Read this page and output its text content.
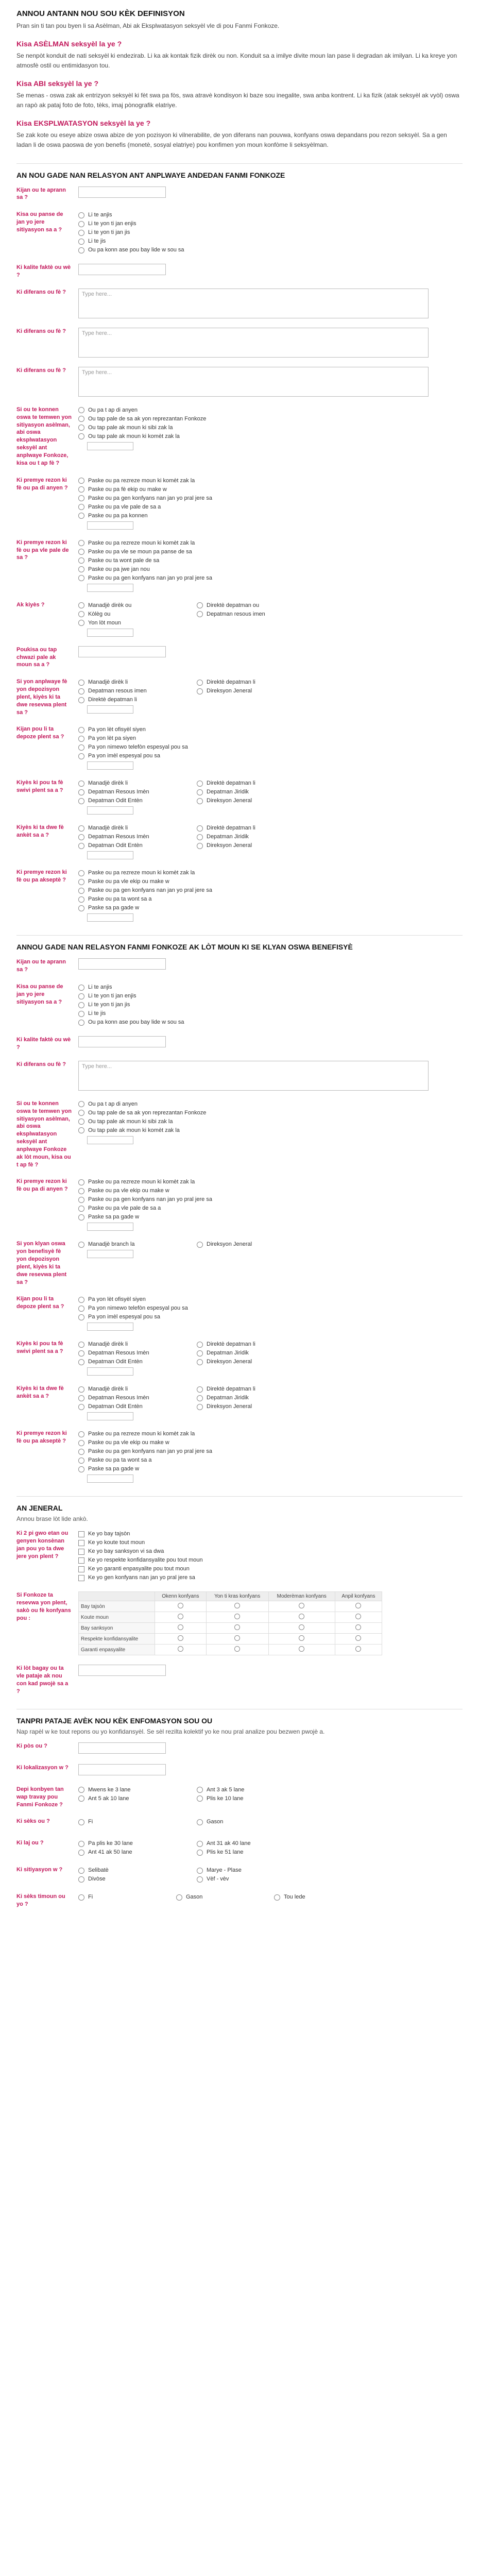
ANNOU ANTANN NOU SOU KÈK DEFINISYON
Pran sin ti tan pou byen li sa Asèlman, Abi ak Eksplwatasyon seksyèl vle di pou Fanmi Fonkoze.
Kisa ASÈLMAN seksyèl la ye ?
Se nenpòt konduit de nati seksyèl ki endezirab. Li ka ak kontak fizik dirèk ou non. Konduit sa a imilye divite moun lan pase li degradan ak imilyan. Li ka kreye yon atmosfè ostil ou entimidasyon tou.
Kisa ABI seksyèl la ye ?
Se menas - oswa zak ak entrizyon seksyèl ki fèt swa pa fòs, swa atravè kondisyon ki baze sou inegalite, swa anba kontrent. Li ka fizik (atak seksyèl ak vyòl) oswa an rapò ak pataj foto de foto, tèks, imaj pònografik elatriye.
Kisa EKSPLWATASYON seksyèl la ye ?
Se zak kote ou eseye abize oswa abize de yon pozisyon ki vilnerabilite, de yon diferans nan pouvwa, konfyans oswa depandans pou rezon seksyèl. Sa a gen ladan li de oswa paoswa de yon benefis (monetè, sosyal elatriye) pou konfimen yon moun konfòme li seksyèlman.
AN NOU GADE NAN RELASYON ANT ANPLWAYE ANDEDAN FANMI FONKOZE
Kijan ou te aprann sa ?
Kisa ou panse de jan yo jere sitiyasyon sa a ?
Li te anjis
Li te yon ti jan enjis
Li te yon ti jan jis
Li te jis
Ou pa konn ase pou bay lide w sou sa
Ki kalite faktè ou wè ?
Ki diferans ou fè ?	Type here...
Ki diferans ou fè ?	Type here...
Ki diferans ou fè ?	Type here...
Si ou te konnen oswa te temwen yon sitiyasyon asèlman, abi oswa eksplwatasyon seksyèl ant anplwaye Fonkoze, kisa ou t ap fè ?
Ou pa t ap di anyen
Ou tap pale de sa ak yon reprezantan Fonkoze
Ou tap pale ak moun ki sibi zak la
Ou tap pale ak moun ki komèt zak la
Ki premye rezon ki fè ou pa di anyen ?
Paske ou pa rezreze moun ki komèt zak la
Paske ou pa fè ekip ou make w
Paske ou pa gen konfyans nan jan yo pral jere sa
Paske ou pa vle pale de sa a
Paske ou pa pa konnen
Ki premye rezon ki fè ou pa vle pale de sa ?
Paske ou pa rezreze moun ki komèt zak la
Paske ou pa vle se moun pa panse de sa
Paske ou ta wont pale de sa
Paske ou pa jwe jan nou
Paske ou pa gen konfyans nan jan yo pral jere sa
Ak kiyès ?	Manadjè dirèk ou
Kòlèg ou
Yon lòt moun
Direktè depatman ou
Depatman resous imen
Poukisa ou tap chwazi pale ak moun sa a ?
Si yon anplwaye fè yon depozisyon plent, kiyès ki ta dwe resevwa plent sa ?
Manadjè dirèk li
Depatman resous imen
Direktè depatman li
Direktè depatman li
Direksyon Jeneral
Kijan pou li ta depoze plent sa ?
Pa yon lèt ofisyèl siyen
Pa yon lèt pa siyen
Pa yon nimewo telefòn espesyal pou sa
Pa yon imèl espesyal pou sa
Kiyès ki pou ta fè swivi plent sa a ?
Manadjè dirèk li
Depatman Resous Imèn
Depatman Odit Entèn
Direktè depatman li
Depatman Jiridik
Direksyon Jeneral
Kiyès ki ta dwe fè ankèt sa a ?
Manadjè dirèk li
Depatman Resous Imèn
Depatman Odit Entèn
Direktè depatman li
Depatman Jiridik
Direksyon Jeneral
Ki premye rezon ki fè ou pa akseptè ?
Paske ou pa rezreze moun ki komèt zak la
Paske ou pa vle ekip ou make w
Paske ou pa gen konfyans nan jan yo pral jere sa
Paske ou pa ta wont sa a
Paske sa pa gade w
ANNOU GADE NAN RELASYON FANMI FONKOZE AK LÒT MOUN KI SE KLYAN OSWA BENEFISYÈ
Kijan ou te aprann sa ?
Kisa ou panse de jan yo jere sitiyasyon sa a ?
Li te anjis
Li te yon ti jan enjis
Li te yon ti jan jis
Li te jis
Ou pa konn ase pou bay lide w sou sa
Ki kalite faktè ou wè ?
Ki diferans ou fè ?	Type here...
Si ou te konnen oswa te temwen yon sitiyasyon asèlman, abi oswa eksplwatasyon seksyèl ant anplwaye Fonkoze ak lòt moun, kisa ou t ap fè ?
Ou pa t ap di anyen
Ou tap pale de sa ak yon reprezantan Fonkoze
Ou tap pale ak moun ki sibi zak la
Ou tap pale ak moun ki komèt zak la
Ki premye rezon ki fè ou pa di anyen ?
Paske ou pa rezreze moun ki komèt zak la
Paske ou pa vle ekip ou make w
Paske ou pa gen konfyans nan jan yo pral jere sa
Paske ou pa vle pale de sa a
Paske sa pa gade w
Si yon klyan oswa yon benefisyè fè yon depozisyon plent, kiyès ki ta dwe resevwa plent sa ?
Manadjè branch la	Direksyon Jeneral
Kijan pou li ta depoze plent sa ?
Pa yon lèt ofisyèl siyen
Pa yon nimewo telefòn espesyal pou sa
Pa yon imèl espesyal pou sa
Kiyès ki pou ta fè swivi plent sa a ?
Manadjè dirèk li
Depatman Resous Imèn
Depatman Odit Entèn
Direktè depatman li
Depatman Jiridik
Direksyon Jeneral
Kiyès ki ta dwe fè ankèt sa a ?
Manadjè dirèk li
Depatman Resous Imèn
Depatman Odit Entèn
Direktè depatman li
Depatman Jiridik
Direksyon Jeneral
Ki premye rezon ki fè ou pa akseptè ?
Paske ou pa rezreze moun ki komèt zak la
Paske ou pa vle ekip ou make w
Paske ou pa gen konfyans nan jan yo pral jere sa
Paske ou pa ta wont sa a
Paske sa pa gade w
AN JENERAL
Annou brase lòt lide ankò.
Ki 2 pi gwo etan ou genyen konsènan jan pou yo ta dwe jere yon plent ?
Ke yo bay tajsòn
Ke yo koute tout moun
Ke yo bay sanksyon vi sa dwa
Ke yo respekte konfidansyalite pou tout moun
Ke yo garanti enpasyalite pou tout moun
Ke yo gen konfyans nan jan yo pral jere sa
Si Fonkoze ta resevwa yon plent, sakò ou fè konfyans pou :
	Okenn konfyans	Yon ti kras konfyans	Moderèman konfyans	Anpil konfyans
Bay tajsòn				
Koute moun				
Bay sanksyon				
Respekte konfidansyalite				
Garanti enpasyalite				
Ki lòt bagay ou ta vle pataje ak nou con kad pwojè sa a ?
TANPRI PATAJE AVÈK NOU KÈK ENFOMASYON SOU OU
Nap rapèl w ke tout repons ou yo konfidansyèl. Se sèl rezilta kolektif yo ke nou pral analize pou bezwen pwojè a.
Ki pòs ou ?
Ki lokalizasyon w ?
Depi konbyen tan wap travay pou Fanmi Fonkoze ?
Mwens ke 3 lane
Ant 5 ak 10 lane
Ant 3 ak 5 lane
Plis ke 10 lane
Ki sèks ou ?	Fi	Gason
Ki laj ou ?	Pa plis ke 30 lane
Ant 41 ak 50 lane
Ant 31 ak 40 lane
Plis ke 51 lane
Ki sitiyasyon w ?	Selibatè
Divòse
Marye - Plase
Vèf - vèv
Ki sèks timoun ou yo ?
Fi	Gason	Tou lede
